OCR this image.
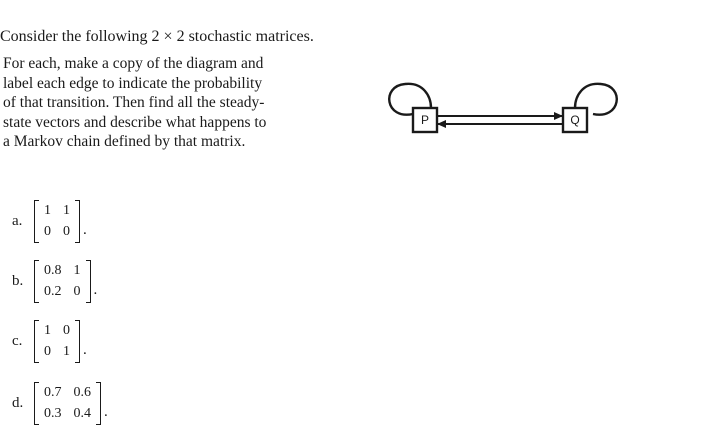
Consider the following 2 × 2 stochastic matrices.
For each, make a copy of the diagram and
label each edge to indicate the probability
of that transition. Then find all the steady-
state vectors and describe what happens to
a Markov chain defined by that matrix.
P	Q
a.
1 1
0 0 .
b.
0.8 1
0.2 0 .
c.
1 0
0 1 .
d.
0.7 0.6
0.3 0.4 .
